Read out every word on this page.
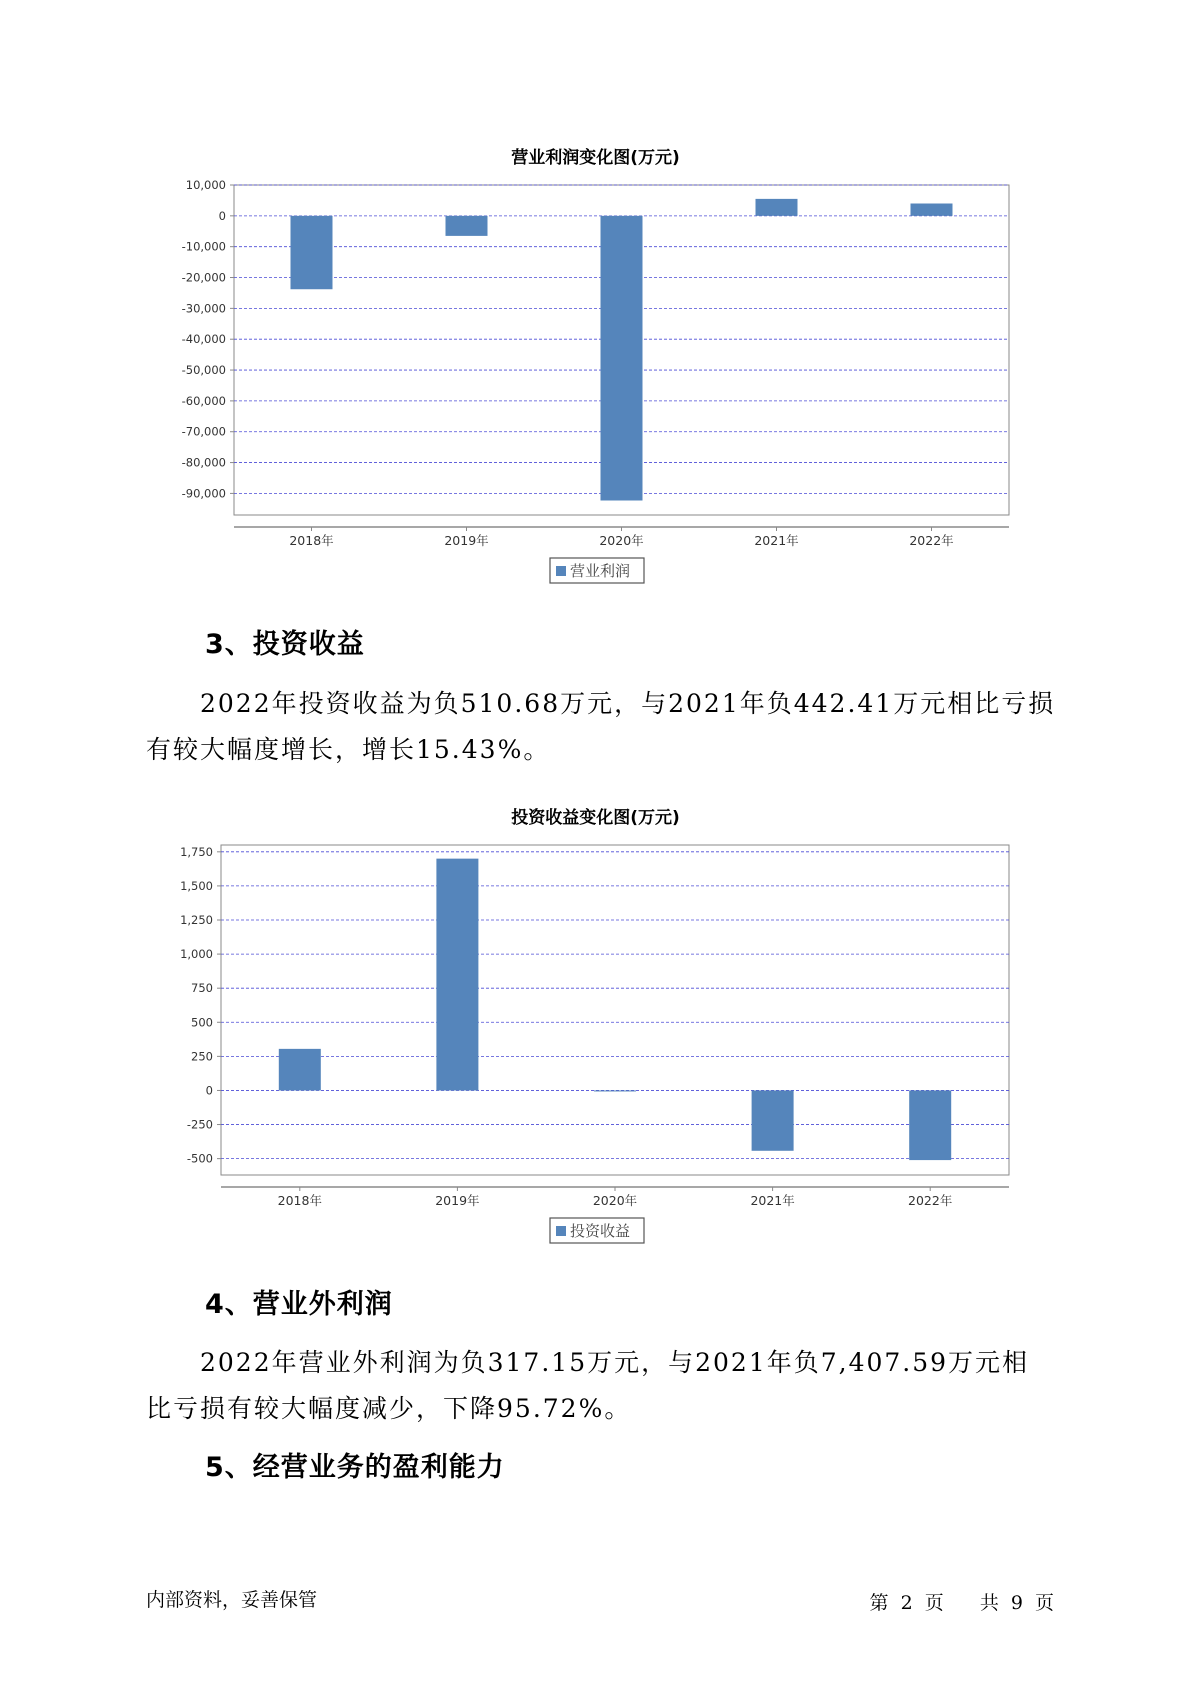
营业利润变化图(万元)
10,000
0
-10,000
-20,000
-30,000
-40,000
-50,000
-60,000
-70,000
-80,000
-90,000
2018年	2019年	2020年	2021年	2022年
营业利润
3、投资收益
2022年投资收益为负510.68万元，与2021年负442.41万元相比亏损有较大幅度增长，增长15.43%。
投资收益变化图(万元)
1,750
1,500
1,250
1,000
750
500
250
0
-250
-500
2018年	2019年	2020年	2021年	2022年
投资收益
4、营业外利润
2022年营业外利润为负317.15万元，与2021年负7,407.59万元相比亏损有较大幅度减少，下降95.72%。
5、经营业务的盈利能力
内部资料，妥善保管	第 2 页   共 9 页
